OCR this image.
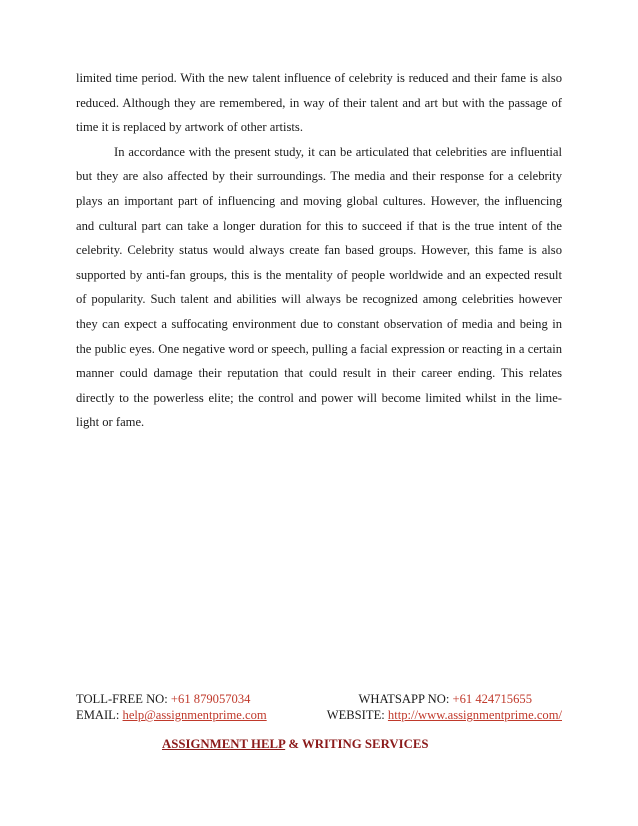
limited time period. With the new talent influence of celebrity is reduced and their fame is also reduced. Although they are remembered, in way of their talent and art but with the passage of time it is replaced by artwork of other artists.

In accordance with the present study, it can be articulated that celebrities are influential but they are also affected by their surroundings. The media and their response for a celebrity plays an important part of influencing and moving global cultures. However, the influencing and cultural part can take a longer duration for this to succeed if that is the true intent of the celebrity. Celebrity status would always create fan based groups. However, this fame is also supported by anti-fan groups, this is the mentality of people worldwide and an expected result of popularity. Such talent and abilities will always be recognized among celebrities however they can expect a suffocating environment due to constant observation of media and being in the public eyes. One negative word or speech, pulling a facial expression or reacting in a certain manner could damage their reputation that could result in their career ending. This relates directly to the powerless elite; the control and power will become limited whilst in the lime-light or fame.

TOLL-FREE NO: +61 879057034	WHATSAPP NO: +61 424715655
EMAIL: help@assignmentprime.com	WEBSITE: http://www.assignmentprime.com/
ASSIGNMENT HELP & WRITING SERVICES
